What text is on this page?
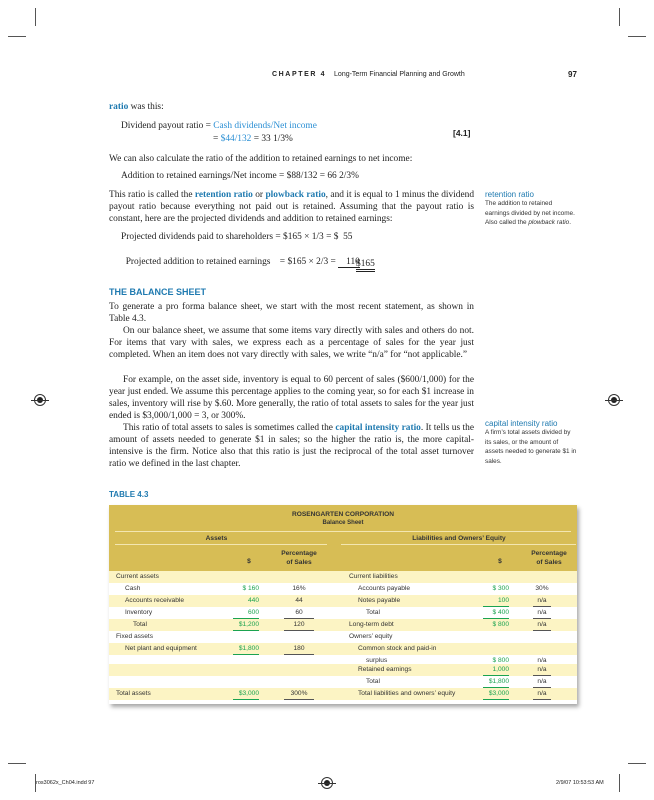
CHAPTER 4 Long-Term Financial Planning and Growth	97
ratio was this:
Dividend payout ratio = Cash dividends/Net income
= $44/132 = 33 1/3%
[4.1]
We can also calculate the ratio of the addition to retained earnings to net income:
Addition to retained earnings/Net income = $88/132 = 66 2/3%
This ratio is called the retention ratio or plowback ratio, and it is equal to 1 minus the dividend payout ratio because everything not paid out is retained. Assuming that the payout ratio is constant, here are the projected dividends and addition to retained earnings:
Projected dividends paid to shareholders = $165 × 1/3 = $  55

Projected addition to retained earnings    = $165 × 2/3 = 110

$165
THE BALANCE SHEET
To generate a pro forma balance sheet, we start with the most recent statement, as shown in Table 4.3.
On our balance sheet, we assume that some items vary directly with sales and others do not. For items that vary with sales, we express each as a percentage of sales for the year just completed. When an item does not vary directly with sales, we write “n/a” for “not applicable.”
For example, on the asset side, inventory is equal to 60 percent of sales ($600/1,000) for the year just ended. We assume this percentage applies to the coming year, so for each $1 increase in sales, inventory will rise by $.60. More generally, the ratio of total assets to sales for the year just ended is $3,000/1,000 = 3, or 300%.
This ratio of total assets to sales is sometimes called the capital intensity ratio. It tells us the amount of assets needed to generate $1 in sales; so the higher the ratio is, the more capital-intensive is the firm. Notice also that this ratio is just the reciprocal of the total asset turnover ratio we defined in the last chapter.
retention ratio
The addition to retained earnings divided by net income. Also called the plowback ratio.
capital intensity ratio
A firm’s total assets divided by its sales, or the amount of assets needed to generate $1 in sales.
TABLE 4.3
ROSENGARTEN CORPORATION
Balance Sheet
Assets	Liabilities and Owners’ Equity
$
Percentage
of Sales	$
Percentage
of Sales
Current assets	Current liabilities
Cash	$ 160	16%	Accounts payable	$ 300	30%
Accounts receivable	440	44	Notes payable	100	n/a
Inventory	600	60	Total	$ 400	n/a
Total	$1,200	120	Long-term debt	$ 800	n/a
Fixed assets	Owners’ equity
Net plant and equipment	$1,800	180	Common stock and paid-in
surplus	$ 800	n/a
Retained earnings	1,000	n/a
Total	$1,800	n/a
Total assets	$3,000	300%	Total liabilities and owners’ equity	$3,000	n/a
ros3062x_Ch04.indd 97	2/9/07 10:53:53 AM
